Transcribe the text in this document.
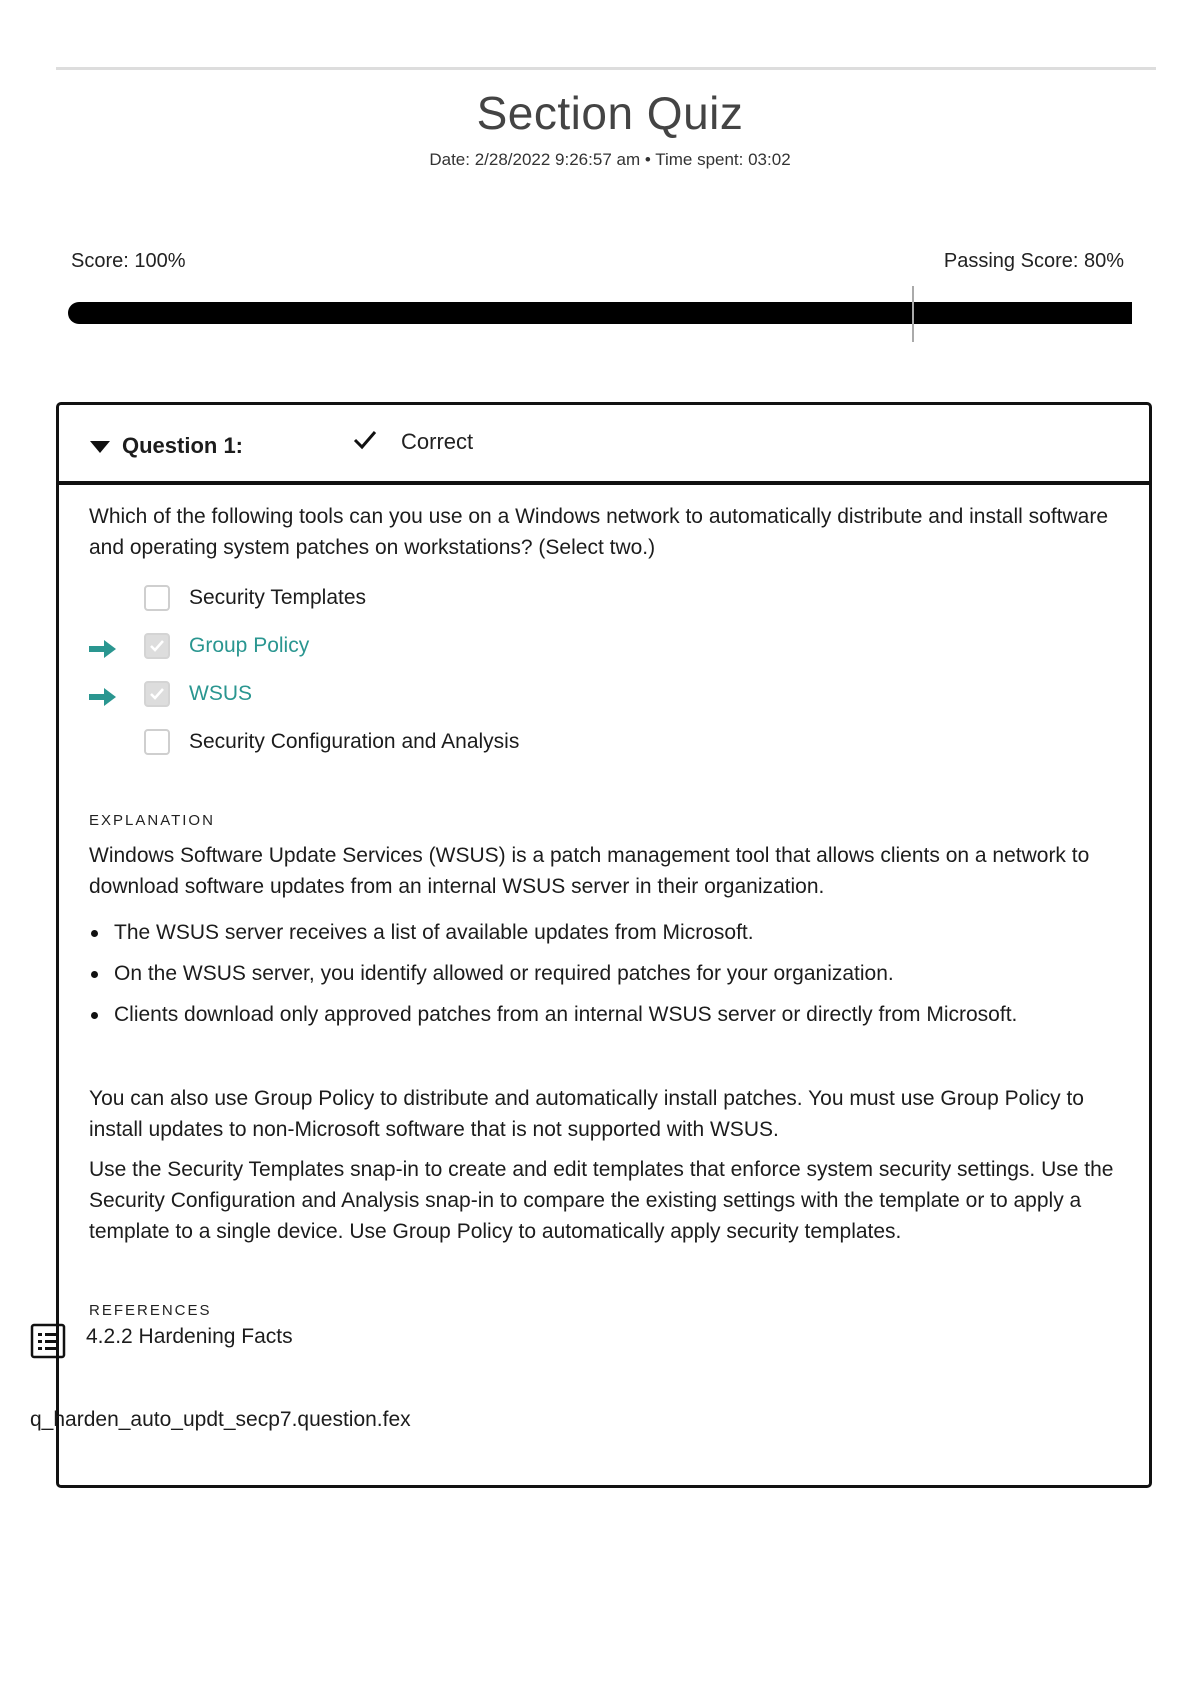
Section Quiz
Date: 2/28/2022 9:26:57 am • Time spent: 03:02
Score: 100%	Passing Score: 80%
Question 1:	Correct
Which of the following tools can you use on a Windows network to automatically distribute and install software and operating system patches on workstations? (Select two.)
Security Templates
Group Policy
WSUS
Security Configuration and Analysis
EXPLANATION
Windows Software Update Services (WSUS) is a patch management tool that allows clients on a network to download software updates from an internal WSUS server in their organization.
The WSUS server receives a list of available updates from Microsoft.
On the WSUS server, you identify allowed or required patches for your organization.
Clients download only approved patches from an internal WSUS server or directly from Microsoft.
You can also use Group Policy to distribute and automatically install patches. You must use Group Policy to install updates to non-Microsoft software that is not supported with WSUS.
Use the Security Templates snap-in to create and edit templates that enforce system security settings. Use the Security Configuration and Analysis snap-in to compare the existing settings with the template or to apply a template to a single device. Use Group Policy to automatically apply security templates.
REFERENCES
4.2.2 Hardening Facts
q_harden_auto_updt_secp7.question.fex
